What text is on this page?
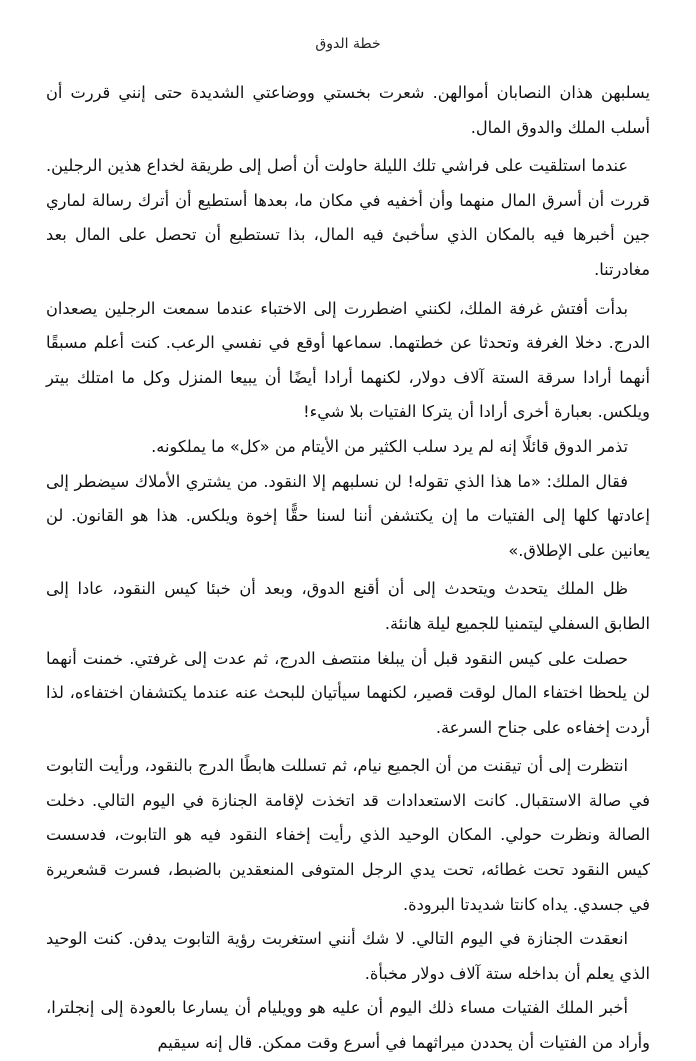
خطة الدوق

يسلبهن هذان النصابان أموالهن. شعرت بخستي ووضاعتي الشديدة حتى إنني قررت أن أسلب الملك والدوق المال.

عندما استلقيت على فراشي تلك الليلة حاولت أن أصل إلى طريقة لخداع هذين الرجلين. قررت أن أسرق المال منهما وأن أخفيه في مكان ما، بعدها أستطيع أن أترك رسالة لماري جين أخبرها فيه بالمكان الذي سأخبئ فيه المال، بذا تستطيع أن تحصل على المال بعد مغادرتنا.

بدأت أفتش غرفة الملك، لكنني اضطررت إلى الاختباء عندما سمعت الرجلين يصعدان الدرج. دخلا الغرفة وتحدثا عن خطتهما. سماعها أوقع في نفسي الرعب. كنت أعلم مسبقًا أنهما أرادا سرقة الستة آلاف دولار، لكنهما أرادا أيضًا أن يبيعا المنزل وكل ما امتلك بيتر ويلكس. بعبارة أخرى أرادا أن يتركا الفتيات بلا شيء!

تذمر الدوق قائلًا إنه لم يرد سلب الكثير من الأيتام من «كل» ما يملكونه.

فقال الملك: «ما هذا الذي تقوله! لن نسلبهم إلا النقود. من يشتري الأملاك سيضطر إلى إعادتها كلها إلى الفتيات ما إن يكتشفن أننا لسنا حقًّا إخوة ويلكس. هذا هو القانون. لن يعانين على الإطلاق.»

ظل الملك يتحدث ويتحدث إلى أن أقنع الدوق، وبعد أن خبئا كيس النقود، عادا إلى الطابق السفلي ليتمنيا للجميع ليلة هانئة.

حصلت على كيس النقود قبل أن يبلغا منتصف الدرج، ثم عدت إلى غرفتي. خمنت أنهما لن يلحظا اختفاء المال لوقت قصير، لكنهما سيأتيان للبحث عنه عندما يكتشفان اختفاءه، لذا أردت إخفاءه على جناح السرعة.

انتظرت إلى أن تيقنت من أن الجميع نيام، ثم تسللت هابطًا الدرج بالنقود، ورأيت التابوت في صالة الاستقبال. كانت الاستعدادات قد اتخذت لإقامة الجنازة في اليوم التالي. دخلت الصالة ونظرت حولي. المكان الوحيد الذي رأيت إخفاء النقود فيه هو التابوت، فدسست كيس النقود تحت غطائه، تحت يدي الرجل المتوفى المنعقدين بالضبط، فسرت قشعريرة في جسدي. يداه كانتا شديدتا البرودة.

انعقدت الجنازة في اليوم التالي. لا شك أنني استغربت رؤية التابوت يدفن. كنت الوحيد الذي يعلم أن بداخله ستة آلاف دولار مخبأة.

أخبر الملك الفتيات مساء ذلك اليوم أن عليه هو وويليام أن يسارعا بالعودة إلى إنجلترا، وأراد من الفتيات أن يحددن ميراثهما في أسرع وقت ممكن. قال إنه سيقيم
